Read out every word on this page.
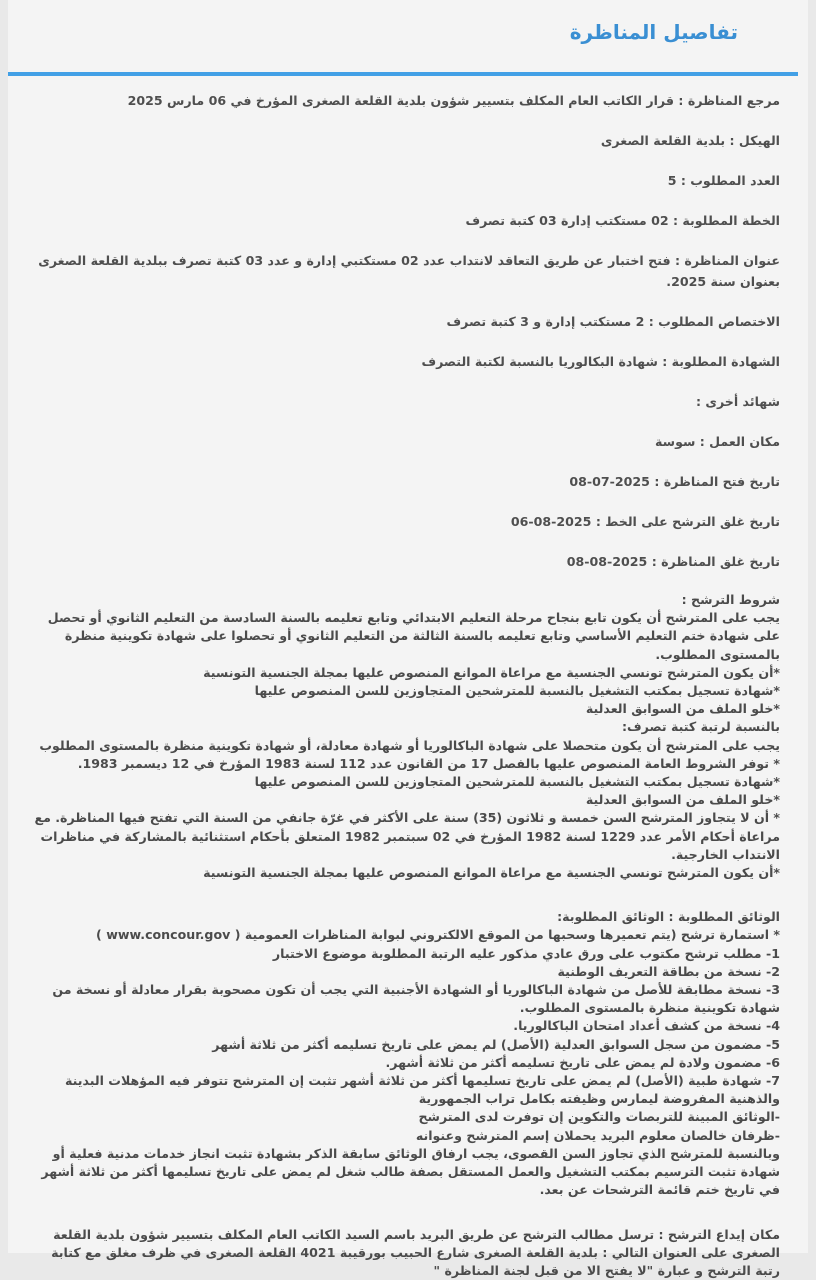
تفاصيل المناظرة
مرجع المناظرة : قرار الكاتب العام المكلف بتسيير شؤون بلدية القلعة الصغرى المؤرخ في 06 مارس 2025
الهيكل : بلدية القلعة الصغرى
العدد المطلوب : 5
الخطة المطلوبة : 02 مستكتب إدارة 03 كتبة تصرف
عنوان المناظرة : فتح اختبار عن طريق التعاقد لانتداب عدد 02 مستكتبي إدارة و عدد 03 كتبة تصرف ببلدية القلعة الصغرى بعنوان سنة 2025.
الاختصاص المطلوب : 2 مستكتب إدارة و 3 كتبة تصرف
الشهادة المطلوبة : شهادة البكالوريا بالنسبة لكتبة التصرف
شهائد أخرى :
مكان العمل : سوسة
تاريخ فتح المناظرة : 2025-07-08
تاريخ غلق الترشح على الخط : 2025-08-06
تاريخ غلق المناظرة : 2025-08-08

شروط الترشح :

يجب على المترشح أن يكون تابع بنجاح مرحلة التعليم الابتدائي وتابع تعليمه بالسنة السادسة من التعليم الثانوي أو تحصل على شهادة ختم التعليم الأساسي وتابع تعليمه بالسنة الثالثة من التعليم الثانوي أو تحصلوا على شهادة تكوينية منظرة بالمستوى المطلوب.

*أن يكون المترشح تونسي الجنسية مع مراعاة الموانع المنصوص عليها بمجلة الجنسية التونسية

*شهادة تسجيل بمكتب التشغيل بالنسبة للمترشحين المتجاوزين للسن المنصوص عليها

*خلو الملف من السوابق العدلية

بالنسبة لرتبة كتبة تصرف:

يجب على المترشح أن يكون متحصلا على شهادة الباكالوريا أو شهادة معادلة، أو شهادة تكوينية منظرة بالمستوى المطلوب

* توفر الشروط العامة المنصوص عليها بالفصل 17 من القانون عدد 112 لسنة 1983 المؤرخ في 12 ديسمبر 1983.

*شهادة تسجيل بمكتب التشغيل بالنسبة للمترشحين المتجاوزين للسن المنصوص عليها

*خلو الملف من السوابق العدلية

* أن لا يتجاوز المترشح السن خمسة و ثلاثون (35) سنة على الأكثر في غرّة جانفي من السنة التي تفتح فيها المناظرة. مع مراعاة أحكام الأمر عدد 1229 لسنة 1982 المؤرخ في 02 سبتمبر 1982 المتعلق بأحكام استثنائية بالمشاركة في مناظرات الانتداب الخارجية.

*أن يكون المترشح تونسي الجنسية مع مراعاة الموانع المنصوص عليها بمجلة الجنسية التونسية

الوثائق المطلوبة : الوثائق المطلوبة:

* استمارة ترشح (يتم تعميرها وسحبها من الموقع الالكتروني لبوابة المناظرات العمومية ( www.concour.gov )

1- مطلب ترشح مكتوب على ورق عادي مذكور عليه الرتبة المطلوبة موضوع الاختبار

2- نسخة من بطاقة التعريف الوطنية

3- نسخة مطابقة للأصل من شهادة الباكالوريا أو الشهادة الأجنبية التي يجب أن تكون مصحوبة بقرار معادلة أو نسخة من شهادة تكوينية منظرة بالمستوى المطلوب.

4- نسخة من كشف أعداد امتحان الباكالوريا.

5- مضمون من سجل السوابق العدلية (الأصل) لم يمض على تاريخ تسليمه أكثر من ثلاثة أشهر

6- مضمون ولادة لم يمض على تاريخ تسليمه أكثر من ثلاثة أشهر.

7- شهادة طبية (الأصل) لم يمض على تاريخ تسليمها أكثر من ثلاثة أشهر تثبت إن المترشح تتوفر فيه المؤهلات البدينة والذهنية المفروضة ليمارس وظيفته بكامل تراب الجمهورية

-الوثائق المبينة للتربصات والتكوين إن توفرت لدى المترشح

-ظرفان خالصان معلوم البريد يحملان إسم المترشح وعنوانه

وبالنسبة للمترشح الذي تجاوز السن القصوى، يجب ارفاق الوثائق سابقة الذكر بشهادة تثبت انجاز خدمات مدنية فعلية أو شهادة تثبت الترسيم بمكتب التشغيل والعمل المستقل بصفة طالب شغل لم يمض على تاريخ تسليمها أكثر من ثلاثة أشهر في تاريخ ختم قائمة الترشحات عن بعد.

مكان إيداع الترشح : ترسل مطالب الترشح عن طريق البريد باسم السيد الكاتب العام المكلف بتسيير شؤون بلدية القلعة الصغرى على العنوان التالي : بلدية القلعة الصغرى شارع الحبيب بورقيبة 4021 القلعة الصغرى في ظرف مغلق مع كتابة رتبة الترشح و عبارة "لا يفتح الا من قبل لجنة المناظرة "
